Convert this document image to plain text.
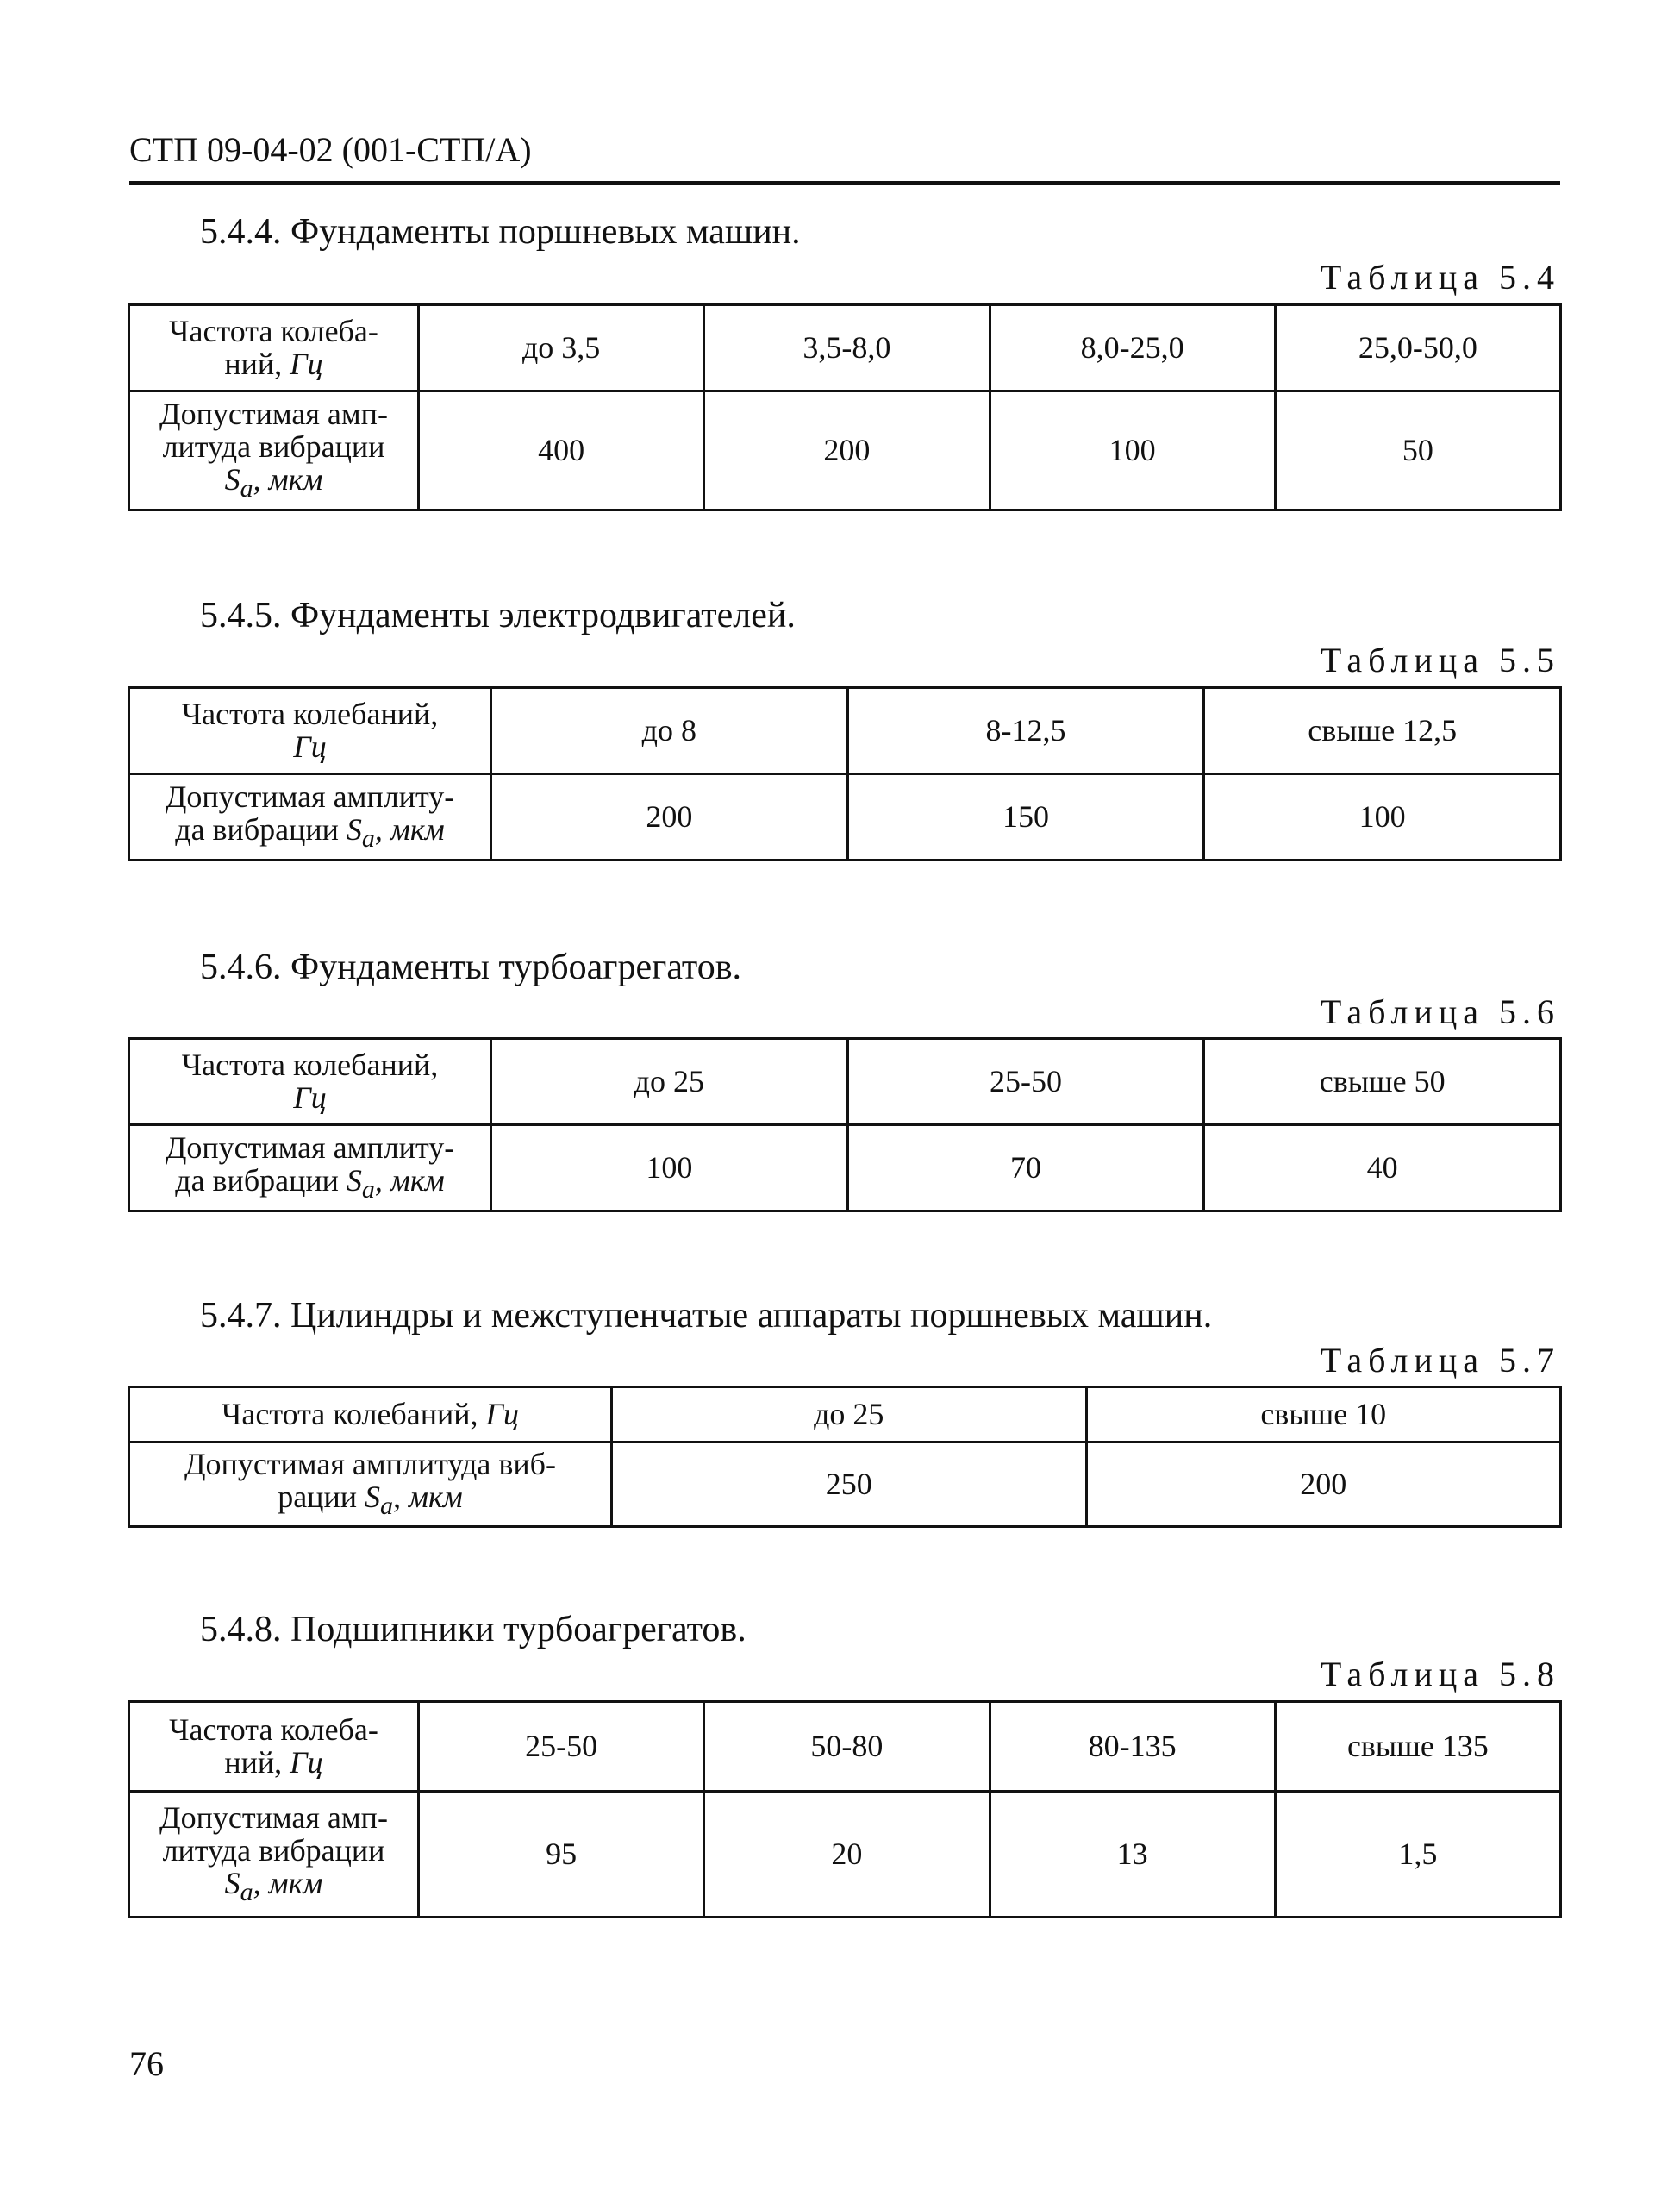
СТП 09-04-02 (001-СТП/А)
5.4.4. Фундаменты поршневых машин.
Таблица 5.4
Частота колеба-
ний, Гц	до 3,5	3,5-8,0	8,0-25,0	25,0-50,0
Допустимая амп-
литуда вибрации
$S_a$, мкм	400	200	100	50
5.4.5. Фундаменты электродвигателей.
Таблица 5.5
Частота колебаний,
Гц	до 8	8-12,5	свыше 12,5
Допустимая амплиту-
да вибрации $S_a$, мкм	200	150	100
5.4.6. Фундаменты турбоагрегатов.
Таблица 5.6
Частота колебаний,
Гц	до 25	25-50	свыше 50
Допустимая амплиту-
да вибрации $S_a$, мкм	100	70	40
5.4.7. Цилиндры и межступенчатые аппараты поршневых машин.
Таблица 5.7
Частота колебаний, Гц	до 25	свыше 10
Допустимая амплитуда виб-
рации $S_a$, мкм	250	200
5.4.8. Подшипники турбоагрегатов.
Таблица 5.8
Частота колеба-
ний, Гц	25-50	50-80	80-135	свыше 135
Допустимая амп-
литуда вибрации
$S_a$, мкм	95	20	13	1,5
76
